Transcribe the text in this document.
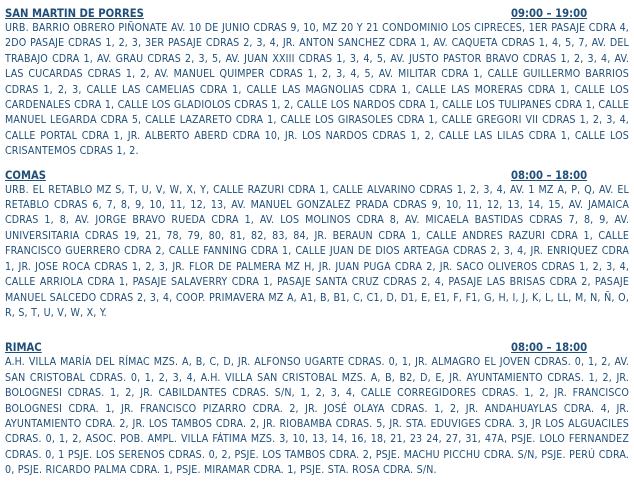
SAN MARTIN DE PORRES	09:00 – 19:00

URB. BARRIO OBRERO PIÑONATE AV. 10 DE JUNIO CDRAS 9, 10, MZ 20 Y 21 CONDOMINIO LOS CIPRECES, 1ER PASAJE CDRA 4, 2DO PASAJE CDRAS 1, 2, 3, 3ER PASAJE CDRAS 2, 3, 4, JR. ANTON SANCHEZ CDRA 1, AV. CAQUETA CDRAS 1, 4, 5, 7, AV. DEL TRABAJO CDRA 1, AV. GRAU CDRAS 2, 3, 5, AV. JUAN XXIII CDRAS 1, 3, 4, 5, AV. JUSTO PASTOR BRAVO CDRAS 1, 2, 3, 4, AV. LAS CUCARDAS CDRAS 1, 2, AV. MANUEL QUIMPER CDRAS 1, 2, 3, 4, 5, AV. MILITAR CDRA 1, CALLE GUILLERMO BARRIOS CDRAS 1, 2, 3, CALLE LAS CAMELIAS CDRA 1, CALLE LAS MAGNOLIAS CDRA 1, CALLE LAS MORERAS CDRA 1, CALLE LOS CARDENALES CDRA 1, CALLE LOS GLADIOLOS CDRAS 1, 2, CALLE LOS NARDOS CDRA 1, CALLE LOS TULIPANES CDRA 1, CALLE MANUEL LEGARDA CDRA 5, CALLE LAZARETO CDRA 1, CALLE LOS GIRASOLES CDRA 1, CALLE GREGORI VII CDRAS 1, 2, 3, 4, CALLE PORTAL CDRA 1, JR. ALBERTO ABERD CDRA 10, JR. LOS NARDOS CDRAS 1, 2, CALLE LAS LILAS CDRA 1, CALLE LOS CRISANTEMOS CDRAS 1, 2.

COMAS	08:00 – 18:00

URB. EL RETABLO MZ S, T, U, V, W, X, Y, CALLE RAZURI CDRA 1, CALLE ALVARINO CDRAS 1, 2, 3, 4, AV. 1 MZ A, P, Q, AV. EL RETABLO CDRAS 6, 7, 8, 9, 10, 11, 12, 13, AV. MANUEL GONZALEZ PRADA CDRAS 9, 10, 11, 12, 13, 14, 15, AV. JAMAICA CDRAS 1, 8, AV. JORGE BRAVO RUEDA CDRA 1, AV. LOS MOLINOS CDRA 8, AV. MICAELA BASTIDAS CDRAS 7, 8, 9, AV. UNIVERSITARIA CDRAS 19, 21, 78, 79, 80, 81, 82, 83, 84, JR. BERAUN CDRA 1, CALLE ANDRES RAZURI CDRA 1, CALLE FRANCISCO GUERRERO CDRA 2, CALLE FANNING CDRA 1, CALLE JUAN DE DIOS ARTEAGA CDRAS 2, 3, 4, JR. ENRIQUEZ CDRA 1, JR. JOSE ROCA CDRAS 1, 2, 3, JR. FLOR DE PALMERA MZ H, JR. JUAN PUGA CDRA 2, JR. SACO OLIVEROS CDRAS 1, 2, 3, 4, CALLE ARRIOLA CDRA 1, PASAJE SALAVERRY CDRA 1, PASAJE SANTA CRUZ CDRAS 2, 4, PASAJE LAS BRISAS CDRA 2, PASAJE MANUEL SALCEDO CDRAS 2, 3, 4, COOP. PRIMAVERA MZ A, A1, B, B1, C, C1, D, D1, E, E1, F, F1, G, H, I, J, K, L, LL, M, N, Ñ, O, R, S, T, U, V, W, X, Y.

RIMAC	08:00 – 18:00

A.H. VILLA MARÍA DEL RÍMAC MZS. A, B, C, D, JR. ALFONSO UGARTE CDRAS. 0, 1, JR. ALMAGRO EL JOVEN CDRAS. 0, 1, 2, AV. SAN CRISTOBAL CDRAS. 0, 1, 2, 3, 4, A.H. VILLA SAN CRISTOBAL MZS. A, B, B2, D, E, JR. AYUNTAMIENTO CDRAS. 1, 2, JR. BOLOGNESI CDRAS. 1, 2, JR. CABILDANTES CDRAS. S/N, 1, 2, 3, 4, CALLE CORREGIDORES CDRAS. 1, 2, JR. FRANCISCO BOLOGNESI CDRA. 1, JR. FRANCISCO PIZARRO CDRA. 2, JR. JOSÉ OLAYA CDRAS. 1, 2, JR. ANDAHUAYLAS CDRA. 4, JR. AYUNTAMIENTO CDRA. 2, JR. LOS TAMBOS CDRA. 2, JR. RIOBAMBA CDRAS. 5, JR. STA. EDUVIGES CDRA. 3, JR LOS ALGUACILES CDRAS. 0, 1, 2, ASOC. POB. AMPL. VILLA FÁTIMA MZS. 3, 10, 13, 14, 16, 18, 21, 23 24, 27, 31, 47A, PSJE. LOLO FERNANDEZ CDRAS. 0, 1 PSJE. LOS SERENOS CDRAS. 0, 2, PSJE. LOS TAMBOS CDRA. 2, PSJE. MACHU PICCHU CDRA. S/N, PSJE. PERÚ CDRA. 0, PSJE. RICARDO PALMA CDRA. 1, PSJE. MIRAMAR CDRA. 1, PSJE. STA. ROSA CDRA. S/N.
